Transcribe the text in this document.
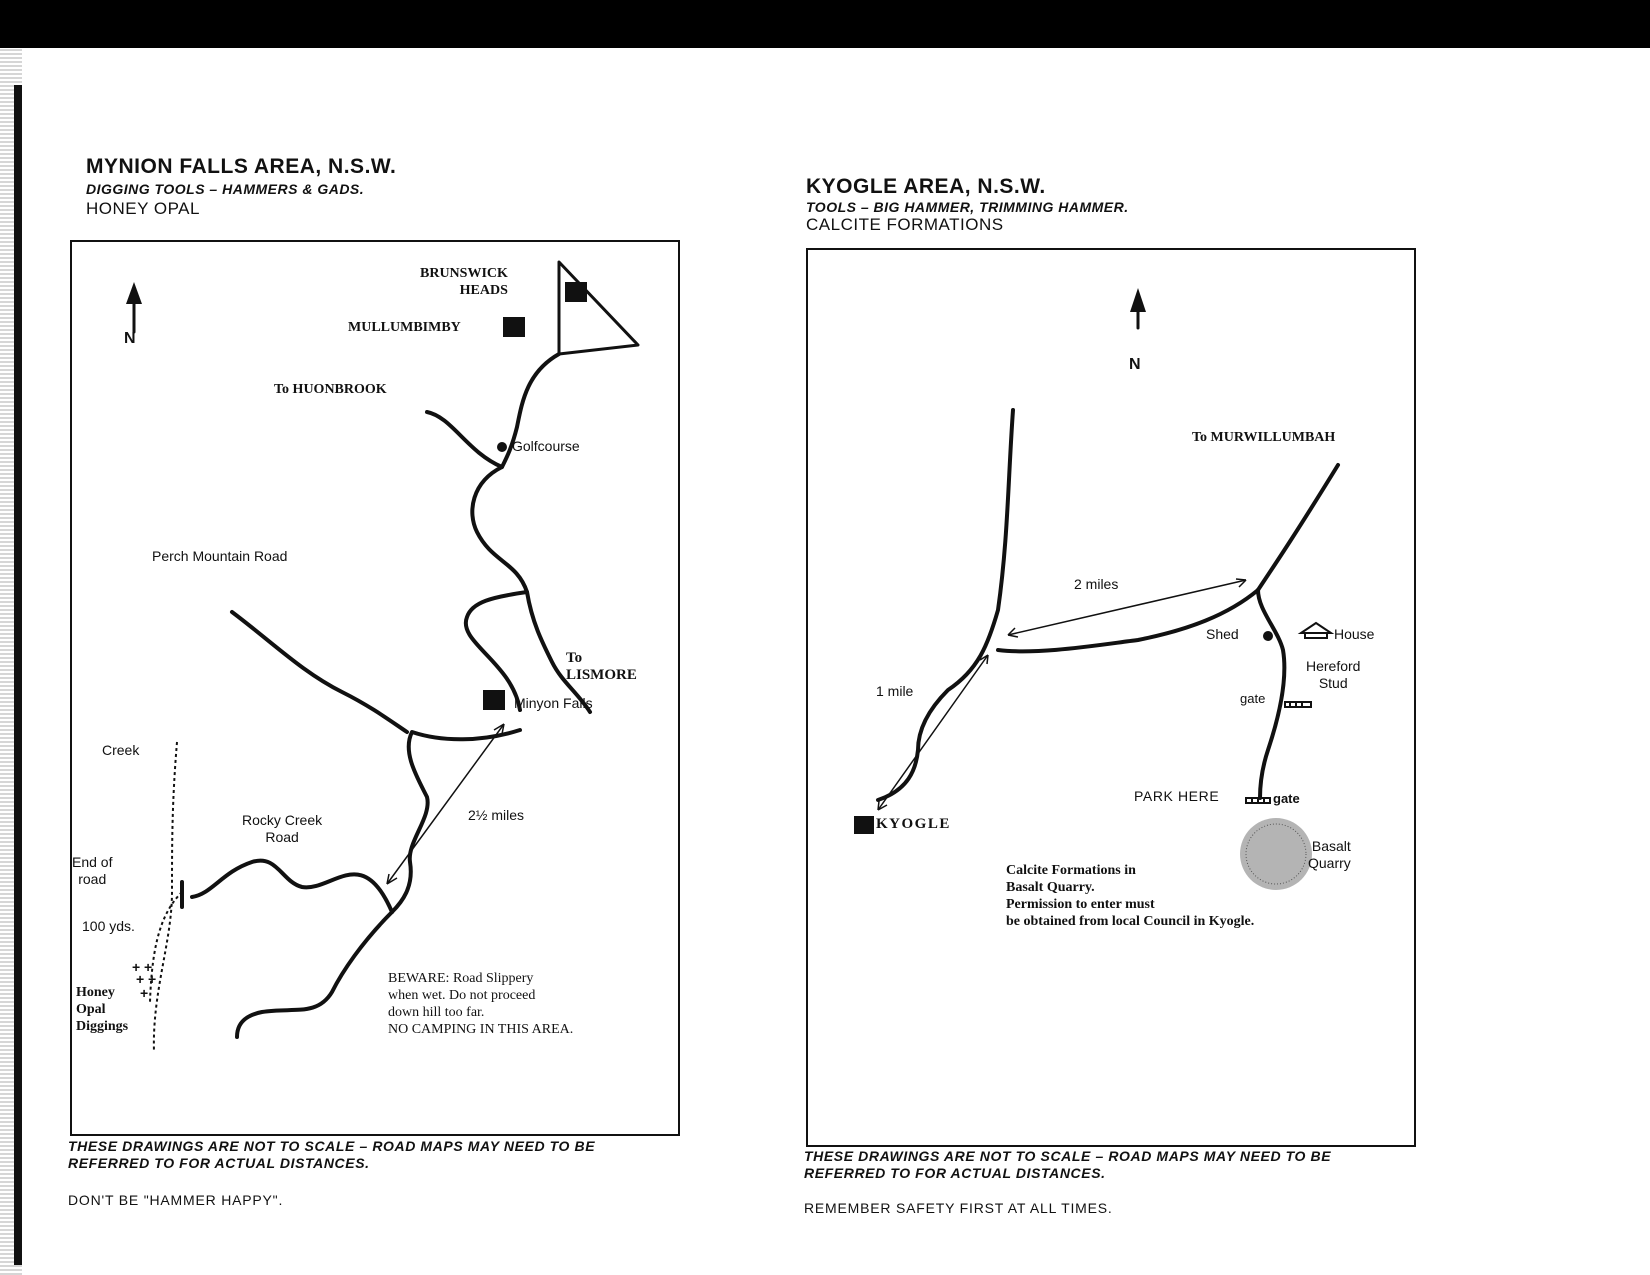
MYNION FALLS AREA, N.S.W.
DIGGING TOOLS – HAMMERS & GADS.
HONEY OPAL
+ +
+ +
+
N
BRUNSWICK
HEADS
MULLUMBIMBY
To HUONBROOK
Golfcourse
Perch Mountain Road
To
LISMORE
Minyon Falls
Creek
Rocky Creek
Road
2½ miles
End of
road
100 yds.
Honey
Opal
Diggings
BEWARE: Road Slippery
when wet. Do not proceed
down hill too far.
NO CAMPING IN THIS AREA.
THESE DRAWINGS ARE NOT TO SCALE – ROAD MAPS MAY NEED TO BE
REFERRED TO FOR ACTUAL DISTANCES.
DON'T BE "HAMMER HAPPY".
KYOGLE AREA, N.S.W.
TOOLS – BIG HAMMER, TRIMMING HAMMER.
CALCITE FORMATIONS
N
To MURWILLUMBAH
2 miles
1 mile
Shed	House
Hereford
Stud
gate
gate
PARK HERE
KYOGLE
Basalt
Quarry
Calcite Formations in
Basalt Quarry.
Permission to enter must
be obtained from local Council in Kyogle.
THESE DRAWINGS ARE NOT TO SCALE – ROAD MAPS MAY NEED TO BE
REFERRED TO FOR ACTUAL DISTANCES.
REMEMBER SAFETY FIRST AT ALL TIMES.
